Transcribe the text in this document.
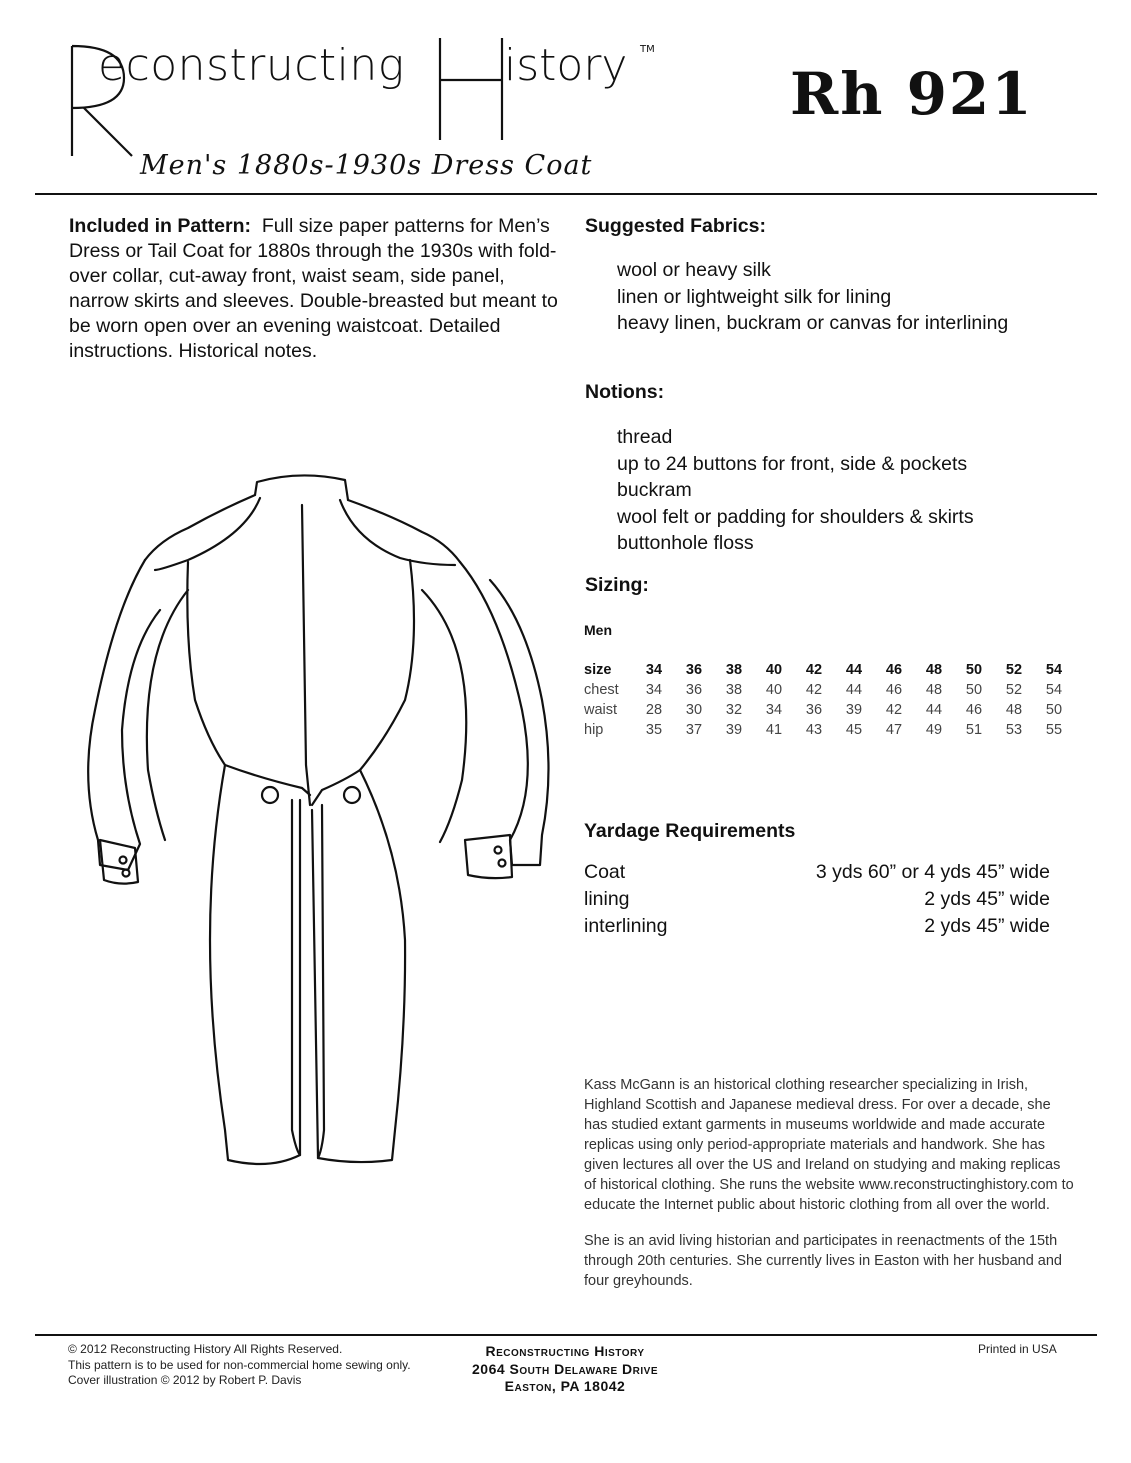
econstructing istory TM
Rh 921
Men's 1880s-1930s Dress Coat
Included in Pattern: Full size paper patterns for Men’s Dress or Tail Coat for 1880s through the 1930s with fold-over collar, cut-away front, waist seam, side panel, narrow skirts and sleeves. Double-breasted but meant to be worn open over an evening waistcoat. Detailed instructions. Historical notes.
Suggested Fabrics:
wool or heavy silk
linen or lightweight silk for lining
heavy linen, buckram or canvas for interlining
Notions:
thread
up to 24 buttons for front, side & pockets
buckram
wool felt or padding for shoulders & skirts
buttonhole floss
Sizing:
Men
size	34	36	38	40	42	44	46	48	50	52	54
chest	34	36	38	40	42	44	46	48	50	52	54
waist	28	30	32	34	36	39	42	44	46	48	50
hip	35	37	39	41	43	45	47	49	51	53	55
Yardage Requirements
Coat	3 yds 60” or 4 yds 45” wide
lining	2 yds 45” wide
interlining	2 yds 45” wide

Kass McGann is an historical clothing researcher specializing in Irish, Highland Scottish and Japanese medieval dress. For over a decade, she has studied extant garments in museums worldwide and made accurate replicas using only period-appropriate materials and handwork. She has given lectures all over the US and Ireland on studying and making replicas of historical clothing. She runs the website www.reconstructinghistory.com to educate the Internet public about historic clothing from all over the world.

She is an avid living historian and participates in reenactments of the 15th through 20th centuries. She currently lives in Easton with her husband and four greyhounds.

© 2012 Reconstructing History All Rights Reserved.
This pattern is to be used for non-commercial home sewing only.
Cover illustration © 2012 by Robert P. Davis
Reconstructing History
2064 South Delaware Drive
Easton, PA 18042
Printed in USA
